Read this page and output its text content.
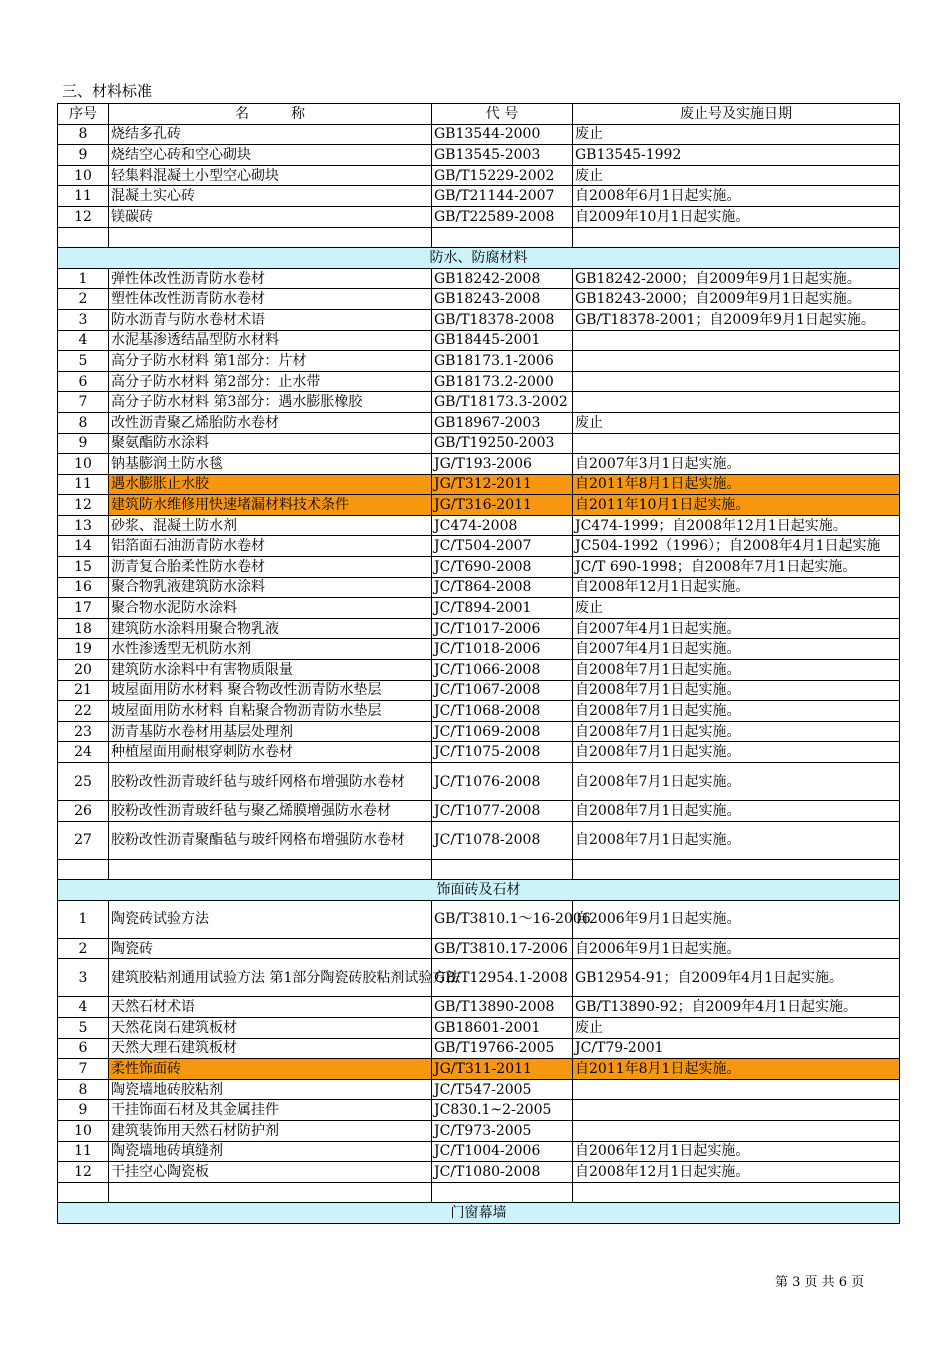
三、材料标准
序号	名　　　称	代 号	废止号及实施日期
8	烧结多孔砖	GB13544-2000	废止
9	烧结空心砖和空心砌块	GB13545-2003	GB13545-1992
10	轻集料混凝土小型空心砌块	GB/T15229-2002	废止
11	混凝土实心砖	GB/T21144-2007	自2008年6月1日起实施。
12	镁碳砖	GB/T22589-2008	自2009年10月1日起实施。

防水、防腐材料			
1	弹性体改性沥青防水卷材	GB18242-2008	GB18242-2000；自2009年9月1日起实施。
2	塑性体改性沥青防水卷材	GB18243-2008	GB18243-2000；自2009年9月1日起实施。
3	防水沥青与防水卷材术语	GB/T18378-2008	GB/T18378-2001；自2009年9月1日起实施。
4	水泥基渗透结晶型防水材料	GB18445-2001	
5	高分子防水材料 第1部分：片材	GB18173.1-2006	
6	高分子防水材料 第2部分：止水带	GB18173.2-2000	
7	高分子防水材料 第3部分：遇水膨胀橡胶	GB/T18173.3-2002	
8	改性沥青聚乙烯胎防水卷材	GB18967-2003	废止
9	聚氨酯防水涂料	GB/T19250-2003	
10	钠基膨润土防水毯	JG/T193-2006	自2007年3月1日起实施。
11	遇水膨胀止水胶	JG/T312-2011	自2011年8月1日起实施。
12	建筑防水维修用快速堵漏材料技术条件	JG/T316-2011	自2011年10月1日起实施。
13	砂浆、混凝土防水剂	JC474-2008	JC474-1999；自2008年12月1日起实施。
14	铝箔面石油沥青防水卷材	JC/T504-2007	JC504-1992（1996）；自2008年4月1日起实施
15	沥青复合胎柔性防水卷材	JC/T690-2008	JC/T 690-1998；自2008年7月1日起实施。
16	聚合物乳液建筑防水涂料	JC/T864-2008	自2008年12月1日起实施。
17	聚合物水泥防水涂料	JC/T894-2001	废止
18	建筑防水涂料用聚合物乳液	JC/T1017-2006	自2007年4月1日起实施。
19	水性渗透型无机防水剂	JC/T1018-2006	自2007年4月1日起实施。
20	建筑防水涂料中有害物质限量	JC/T1066-2008	自2008年7月1日起实施。
21	坡屋面用防水材料 聚合物改性沥青防水垫层	JC/T1067-2008	自2008年7月1日起实施。
22	坡屋面用防水材料 自粘聚合物沥青防水垫层	JC/T1068-2008	自2008年7月1日起实施。
23	沥青基防水卷材用基层处理剂	JC/T1069-2008	自2008年7月1日起实施。
24	种植屋面用耐根穿刺防水卷材	JC/T1075-2008	自2008年7月1日起实施。
25	胶粉改性沥青玻纤毡与玻纤网格布增强防水卷材	JC/T1076-2008	自2008年7月1日起实施。
26	胶粉改性沥青玻纤毡与聚乙烯膜增强防水卷材	JC/T1077-2008	自2008年7月1日起实施。
27	胶粉改性沥青聚酯毡与玻纤网格布增强防水卷材	JC/T1078-2008	自2008年7月1日起实施。

饰面砖及石材			
1	陶瓷砖试验方法	GB/T3810.1～16-2006	自2006年9月1日起实施。
2	陶瓷砖	GB/T3810.17-2006	自2006年9月1日起实施。
3	建筑胶粘剂通用试验方法 第1部分陶瓷砖胶粘剂试验方法	GB/T12954.1-2008	GB12954-91；自2009年4月1日起实施。
4	天然石材术语	GB/T13890-2008	GB/T13890-92；自2009年4月1日起实施。
5	天然花岗石建筑板材	GB18601-2001	废止
6	天然大理石建筑板材	GB/T19766-2005	JC/T79-2001
7	柔性饰面砖	JG/T311-2011	自2011年8月1日起实施。
8	陶瓷墙地砖胶粘剂	JC/T547-2005	
9	干挂饰面石材及其金属挂件	JC830.1~2-2005	
10	建筑装饰用天然石材防护剂	JC/T973-2005	
11	陶瓷墙地砖填缝剂	JC/T1004-2006	自2006年12月1日起实施。
12	干挂空心陶瓷板	JC/T1080-2008	自2008年12月1日起实施。

门窗幕墙			
第 3 页 共 6 页
